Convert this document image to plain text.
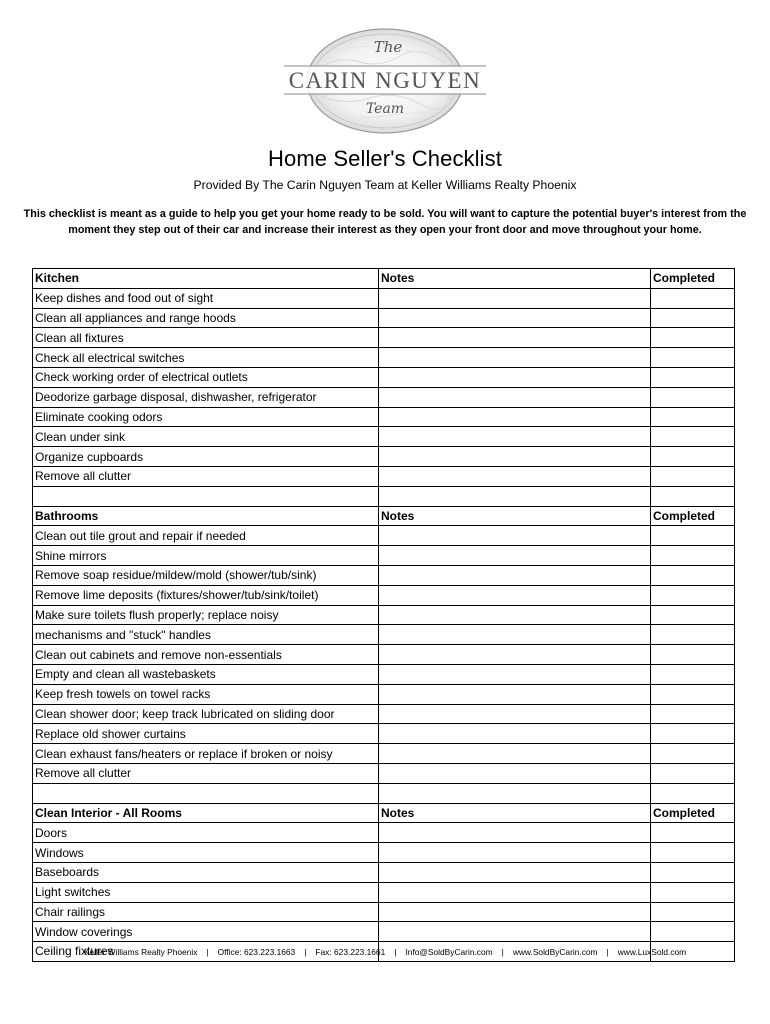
The
CARIN NGUYEN
Team
Home Seller's Checklist
Provided By The Carin Nguyen Team at Keller Williams Realty Phoenix
This checklist is meant as a guide to help you get your home ready to be sold. You will want to capture the potential buyer's interest from the moment they step out of their car and increase their interest as they open your front door and move throughout your home.
Kitchen	Notes	Completed
Keep dishes and food out of sight		
Clean all appliances and range hoods		
Clean all fixtures		
Check all electrical switches		
Check working order of electrical outlets		
Deodorize garbage disposal, dishwasher, refrigerator		
Eliminate cooking odors		
Clean under sink		
Organize cupboards		
Remove all clutter		

Bathrooms	Notes	Completed
Clean out tile grout and repair if needed		
Shine mirrors		
Remove soap residue/mildew/mold (shower/tub/sink)		
Remove lime deposits (fixtures/shower/tub/sink/toilet)		
Make sure toilets flush properly; replace noisy		
mechanisms and "stuck" handles		
Clean out cabinets and remove non-essentials		
Empty and clean all wastebaskets		
Keep fresh towels on towel racks		
Clean shower door; keep track lubricated on sliding door		
Replace old shower curtains		
Clean exhaust fans/heaters or replace if broken or noisy		
Remove all clutter		

Clean Interior - All Rooms	Notes	Completed
Doors		
Windows		
Baseboards		
Light switches		
Chair railings		
Window coverings		
Ceiling fixtures		
Keller Williams Realty Phoenix | Office: 623.223.1663 | Fax: 623.223.1661 | Info@SoldByCarin.com | www.SoldByCarin.com | www.LuxSold.com
